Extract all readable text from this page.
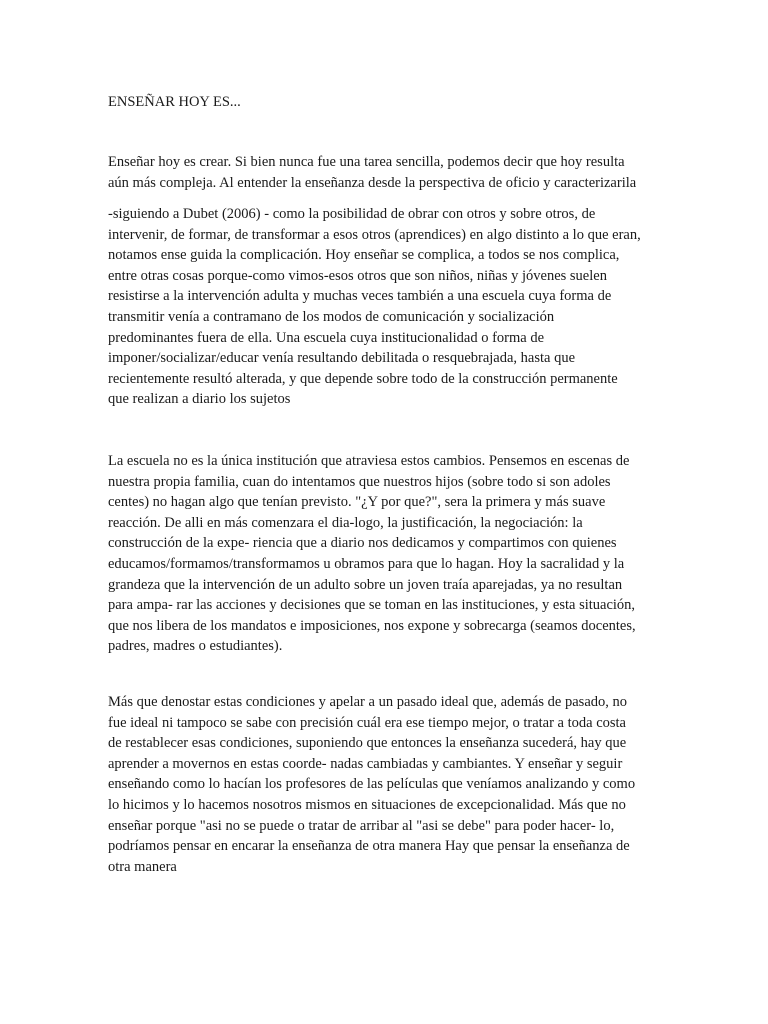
ENSEÑAR HOY ES...
Enseñar hoy es crear. Si bien nunca fue una tarea sencilla, podemos decir que hoy resulta
aún más compleja. Al entender la enseñanza desde la perspectiva de oficio y caracterizarila
-siguiendo a Dubet (2006) - como la posibilidad de obrar con otros y sobre otros, de
intervenir, de formar, de transformar a esos otros (aprendices) en algo distinto a lo que eran,
notamos ense guida la complicación. Hoy enseñar se complica, a todos se nos complica,
entre otras cosas porque-como vimos-esos otros que son niños, niñas y jóvenes suelen
resistirse a la intervención adulta y muchas veces también a una escuela cuya forma de
transmitir venía a contramano de los modos de comunicación y socialización
predominantes fuera de ella. Una escuela cuya institucionalidad o forma de
imponer/socializar/educar venía resultando debilitada o resquebrajada, hasta que
recientemente resultó alterada, y que depende sobre todo de la construcción permanente
que realizan a diario los sujetos
La escuela no es la única institución que atraviesa estos cambios. Pensemos en escenas de
nuestra propia familia, cuan do intentamos que nuestros hijos (sobre todo si son adoles
centes) no hagan algo que tenían previsto. "¿Y por que?", sera la primera y más suave
reacción. De alli en más comenzara el dia-logo, la justificación, la negociación: la
construcción de la expe- riencia que a diario nos dedicamos y compartimos con quienes
educamos/formamos/transformamos u obramos para que lo hagan. Hoy la sacralidad y la
grandeza que la intervención de un adulto sobre un joven traía aparejadas, ya no resultan
para ampa- rar las acciones y decisiones que se toman en las instituciones, y esta situación,
que nos libera de los mandatos e imposiciones, nos expone y sobrecarga (seamos docentes,
padres, madres o estudiantes).
Más que denostar estas condiciones y apelar a un pasado ideal que, además de pasado, no
fue ideal ni tampoco se sabe con precisión cuál era ese tiempo mejor, o tratar a toda costa
de restablecer esas condiciones, suponiendo que entonces la enseñanza sucederá, hay que
aprender a movernos en estas coorde- nadas cambiadas y cambiantes. Y enseñar y seguir
enseñando como lo hacían los profesores de las películas que veníamos analizando y como
lo hicimos y lo hacemos nosotros mismos en situaciones de excepcionalidad. Más que no
enseñar porque "asi no se puede o tratar de arribar al "asi se debe" para poder hacer- lo,
podríamos pensar en encarar la enseñanza de otra manera Hay que pensar la enseñanza de
otra manera
